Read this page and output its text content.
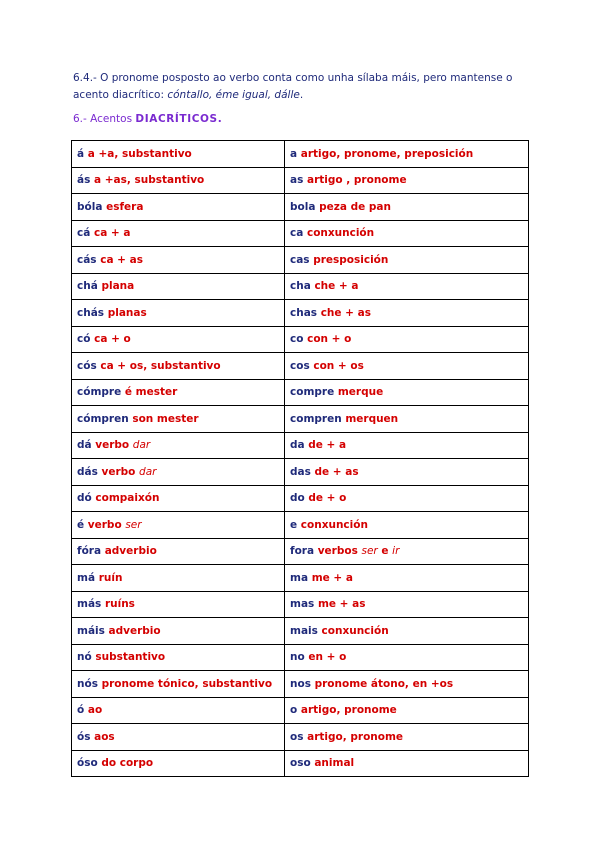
6.4.- O pronome posposto ao verbo conta como unha sílaba máis, pero mantense o acento diacrítico: cóntallo, éme igual, dálle.
6.- Acentos DIACRÍTICOS.
á a +a, substantivo	a artigo, pronome, preposición
ás a +as, substantivo	as artigo , pronome
bóla esfera	bola peza de pan
cá ca + a	ca conxunción
cás ca + as	cas presposición
chá plana	cha che + a
chás planas	chas che + as
có ca + o	co con + o
cós ca + os, substantivo	cos con + os
cómpre é mester	compre merque
cómpren son mester	compren merquen
dá verbo dar	da de + a
dás verbo dar	das de + as
dó compaixón	do de + o
é verbo ser	e conxunción
fóra adverbio	fora verbos ser e ir
má ruín	ma me + a
más ruíns	mas me + as
máis adverbio	mais conxunción
nó substantivo	no en + o
nós pronome tónico, substantivo	nos pronome átono, en +os
ó ao	o artigo, pronome
ós aos	os artigo, pronome
óso do corpo	oso animal
